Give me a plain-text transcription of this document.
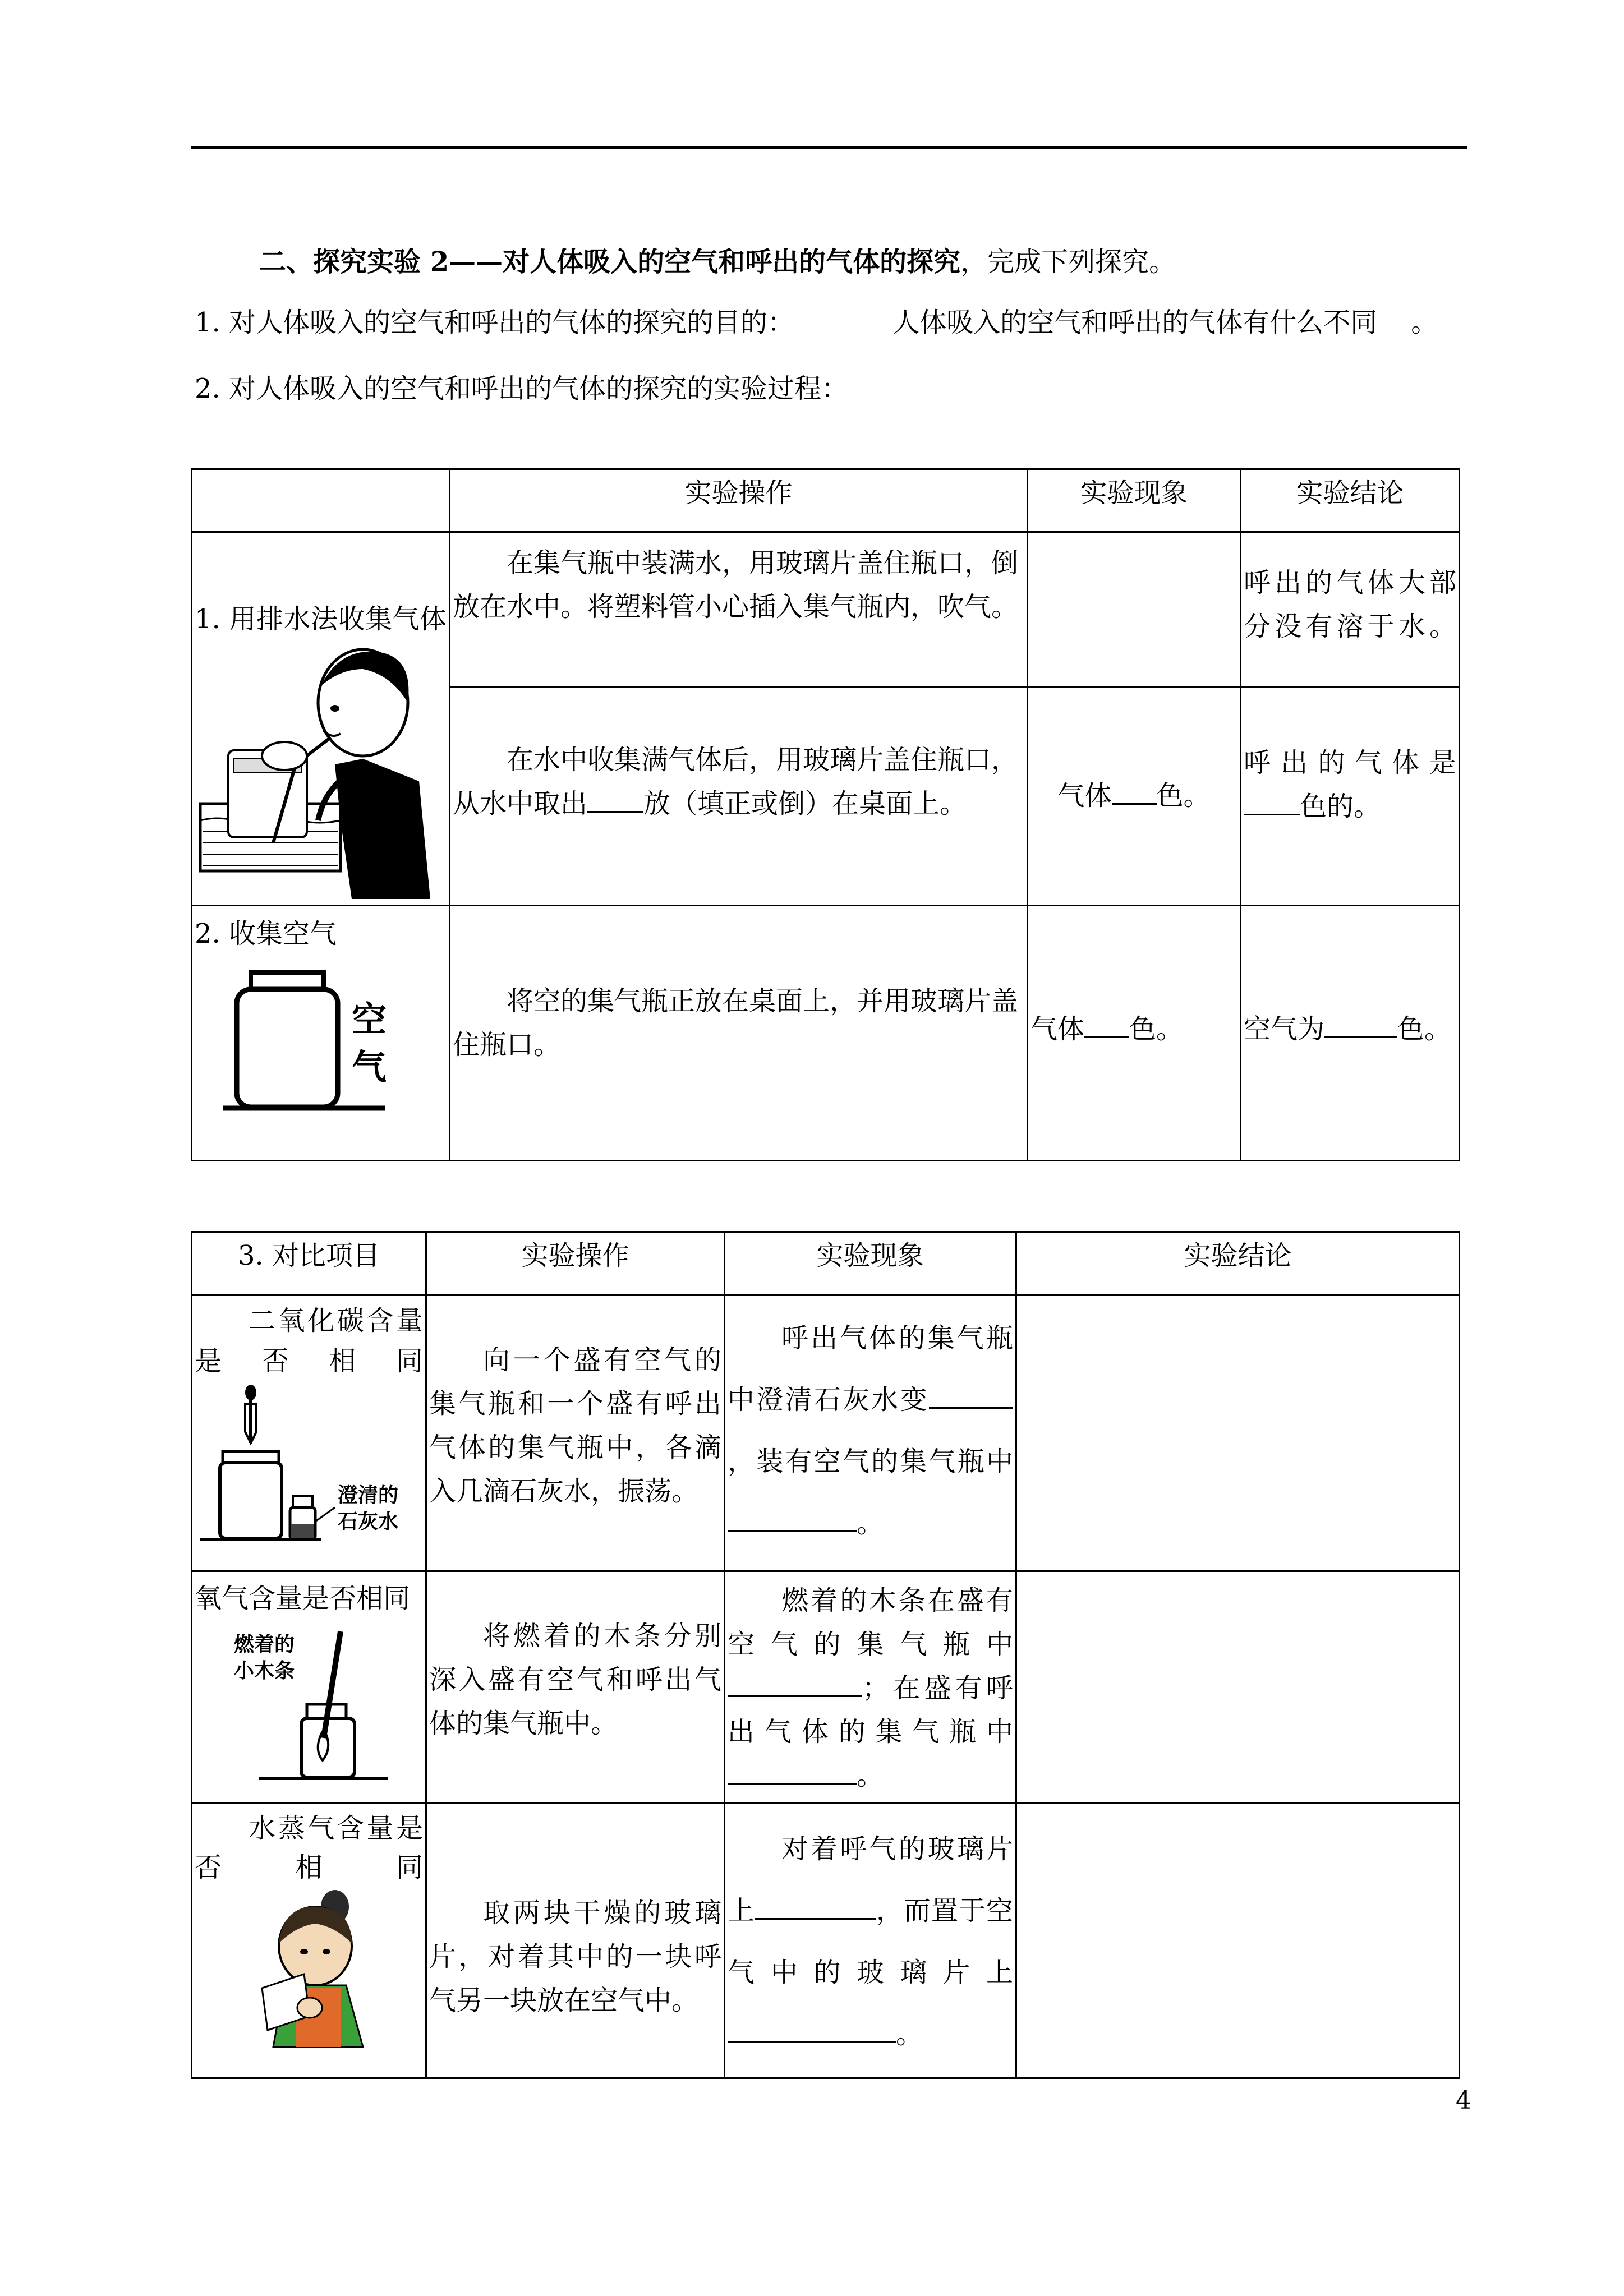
二、探究实验 2——对人体吸入的空气和呼出的气体的探究，完成下列探究。
1. 对人体吸入的空气和呼出的气体的探究的目的：	人体吸入的空气和呼出的气体有什么不同 。
2. 对人体吸入的空气和呼出的气体的探究的实验过程：
	实验操作	实验现象	实验结论

1. 用排水法收集气体	在集气瓶中装满水，用玻璃片盖住瓶口，倒放在水中。将塑料管小心插入集气瓶内，吹气。		呼出的气体大部分没有溶于水。

	在水中收集满气体后，用玻璃片盖住瓶口，从水中取出 放（填正或倒）在桌面上。	气体 色。	呼出的气体是
色的。

2. 收集空气
空
气	将空的集气瓶正放在桌面上，并用玻璃片盖住瓶口。	气体 色。	空气为 色。
3. 对比项目	实验操作	实验现象	实验结论

二氧化碳含量是否相同
澄清的
石灰水	向一个盛有空气的集气瓶和一个盛有呼出气体的集气瓶中，各滴入几滴石灰水，振荡。	呼出气体的集气瓶中澄清石灰水变，装有空气的集气瓶中。	

氧气含量是否相同
燃着的
小木条	将燃着的木条分别深入盛有空气和呼出气体的集气瓶中。	燃着的木条在盛有空气的集气瓶中；在盛有呼出气体的集气瓶中。	

水蒸气含量是否相同	取两块干燥的玻璃片，对着其中的一块呼气另一块放在空气中。	对着呼气的玻璃片上 ，而置于空气中的玻璃片上。	

4
